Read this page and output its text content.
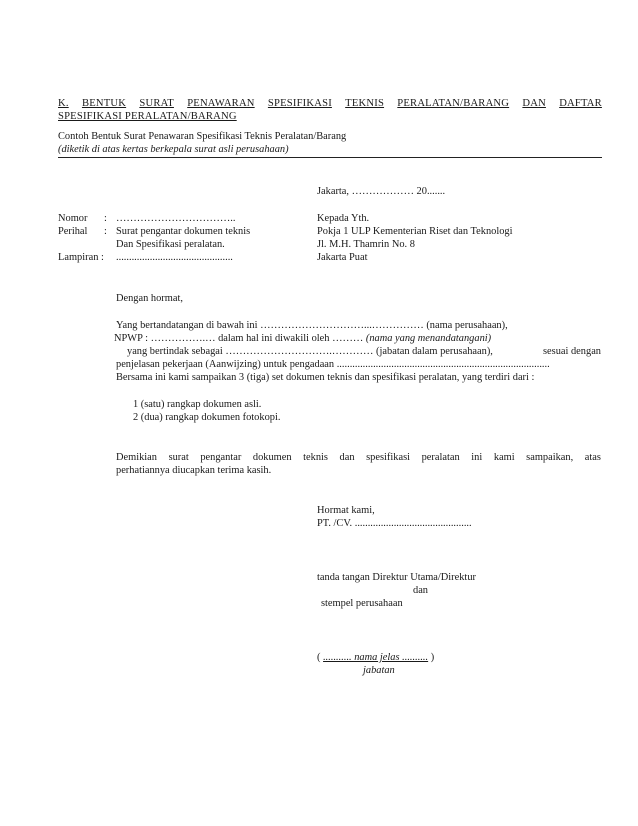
K. BENTUK SURAT PENAWARAN SPESIFIKASI TEKNIS PERALATAN/BARANG DAN DAFTAR
SPESIFIKASI PERALATAN/BARANG
Contoh Bentuk Surat Penawaran Spesifikasi Teknis Peralatan/Barang
(diketik di atas kertas berkepala surat asli perusahaan)
Jakarta, ……………… 20.......
Nomor : ……………………………..
Perihal : Surat pengantar dokumen teknis
Dan Spesifikasi peralatan.
Lampiran : .............................................
Kepada Yth.
Pokja 1 ULP Kementerian Riset dan Teknologi
Jl. M.H. Thamrin No. 8
Jakarta Puat
Dengan hormat,
Yang bertandatangan di bawah ini …………………………...…………… (nama perusahaan),
NPWP : …………….… dalam hal ini diwakili oleh ……… (nama yang menandatangani)
yang bertindak sebagai ………………………….………… (jabatan dalam perusahaan),	sesuai dengan
penjelasan pekerjaan (Aanwijzing) untuk pengadaan ..................................................................................
Bersama ini kami sampaikan 3 (tiga) set dokumen teknis dan spesifikasi peralatan, yang terdiri dari :
1 (satu) rangkap dokumen asli.
2 (dua) rangkap dokumen fotokopi.
Demikian surat pengantar dokumen teknis dan spesifikasi peralatan ini kami sampaikan, atas
perhatiannya diucapkan terima kasih.
Hormat kami,
PT. /CV. .............................................
tanda tangan Direktur Utama/Direktur
dan
stempel perusahaan
( ........... nama jelas .......... )
jabatan
